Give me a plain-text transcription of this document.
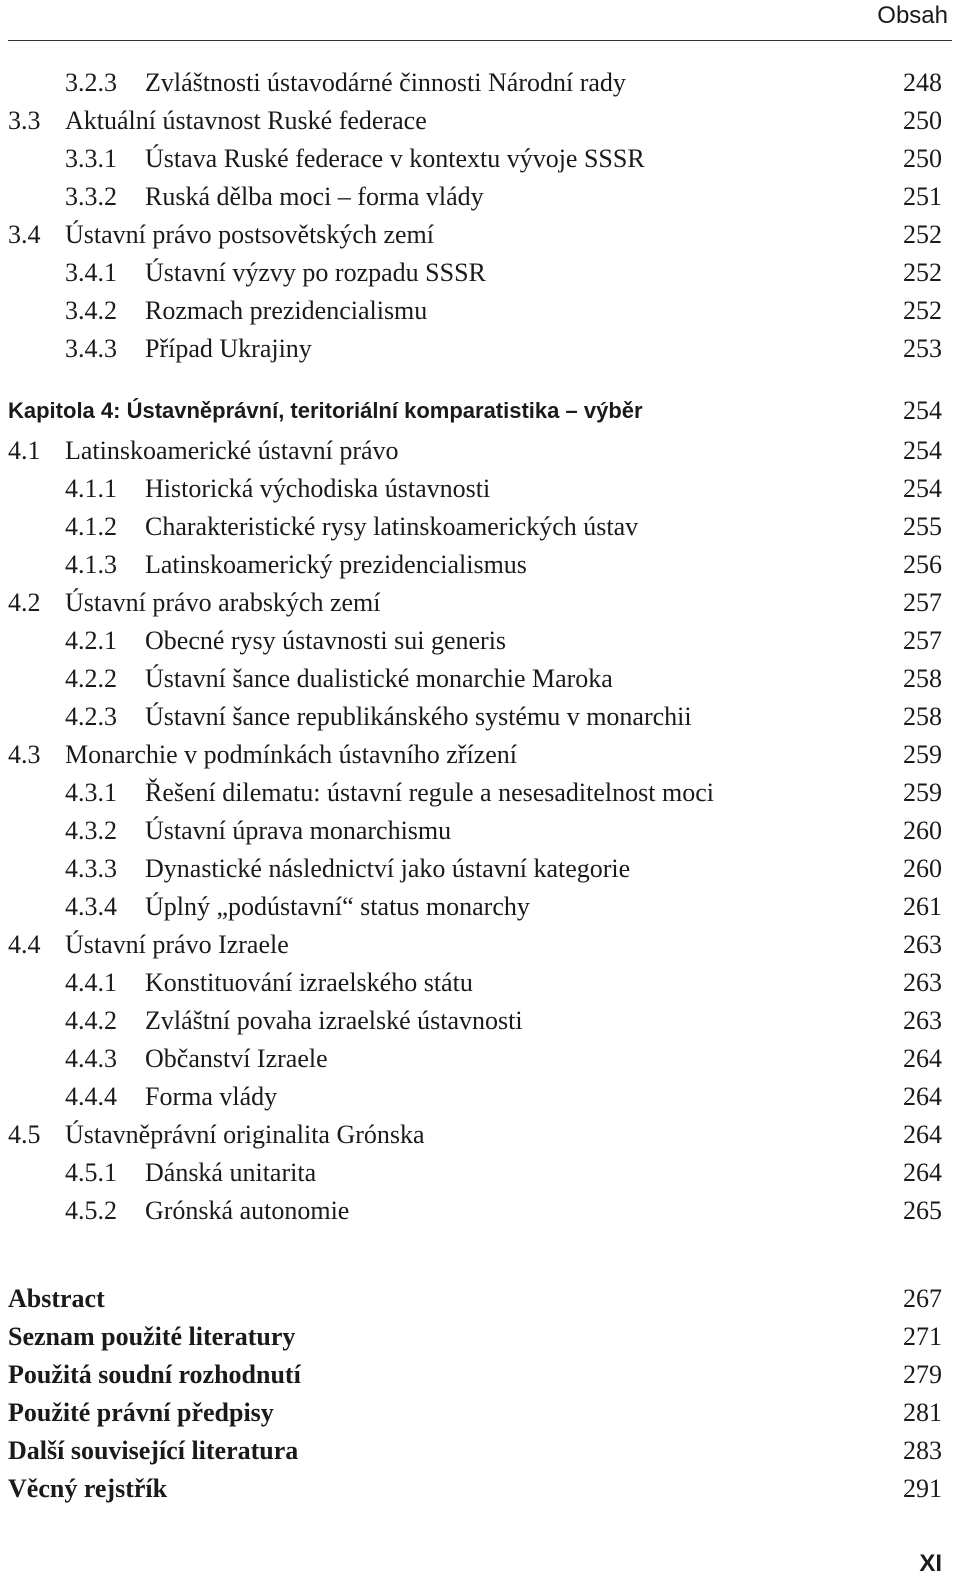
Obsah
3.2.3 Zvláštnosti ústavodárné činnosti Národní rady	248
3.3 Aktuální ústavnost Ruské federace	250
3.3.1 Ústava Ruské federace v kontextu vývoje SSSR	250
3.3.2 Ruská dělba moci – forma vlády	251
3.4 Ústavní právo postsovětských zemí	252
3.4.1 Ústavní výzvy po rozpadu SSSR	252
3.4.2 Rozmach prezidencialismu	252
3.4.3 Případ Ukrajiny	253
Kapitola 4: Ústavněprávní, teritoriální komparatistika – výběr	254
4.1 Latinskoamerické ústavní právo	254
4.1.1 Historická východiska ústavnosti	254
4.1.2 Charakteristické rysy latinskoamerických ústav	255
4.1.3 Latinskoamerický prezidencialismus	256
4.2 Ústavní právo arabských zemí	257
4.2.1 Obecné rysy ústavnosti sui generis	257
4.2.2 Ústavní šance dualistické monarchie Maroka	258
4.2.3 Ústavní šance republikánského systému v monarchii	258
4.3 Monarchie v podmínkách ústavního zřízení	259
4.3.1 Řešení dilematu: ústavní regule a nesesaditelnost moci	259
4.3.2 Ústavní úprava monarchismu	260
4.3.3 Dynastické následnictví jako ústavní kategorie	260
4.3.4 Úplný „podústavní“ status monarchy	261
4.4 Ústavní právo Izraele	263
4.4.1 Konstituování izraelského státu	263
4.4.2 Zvláštní povaha izraelské ústavnosti	263
4.4.3 Občanství Izraele	264
4.4.4 Forma vlády	264
4.5 Ústavněprávní originalita Grónska	264
4.5.1 Dánská unitarita	264
4.5.2 Grónská autonomie	265
Abstract	267
Seznam použité literatury	271
Použitá soudní rozhodnutí	279
Použité právní předpisy	281
Další související literatura	283
Věcný rejstřík	291
XI
